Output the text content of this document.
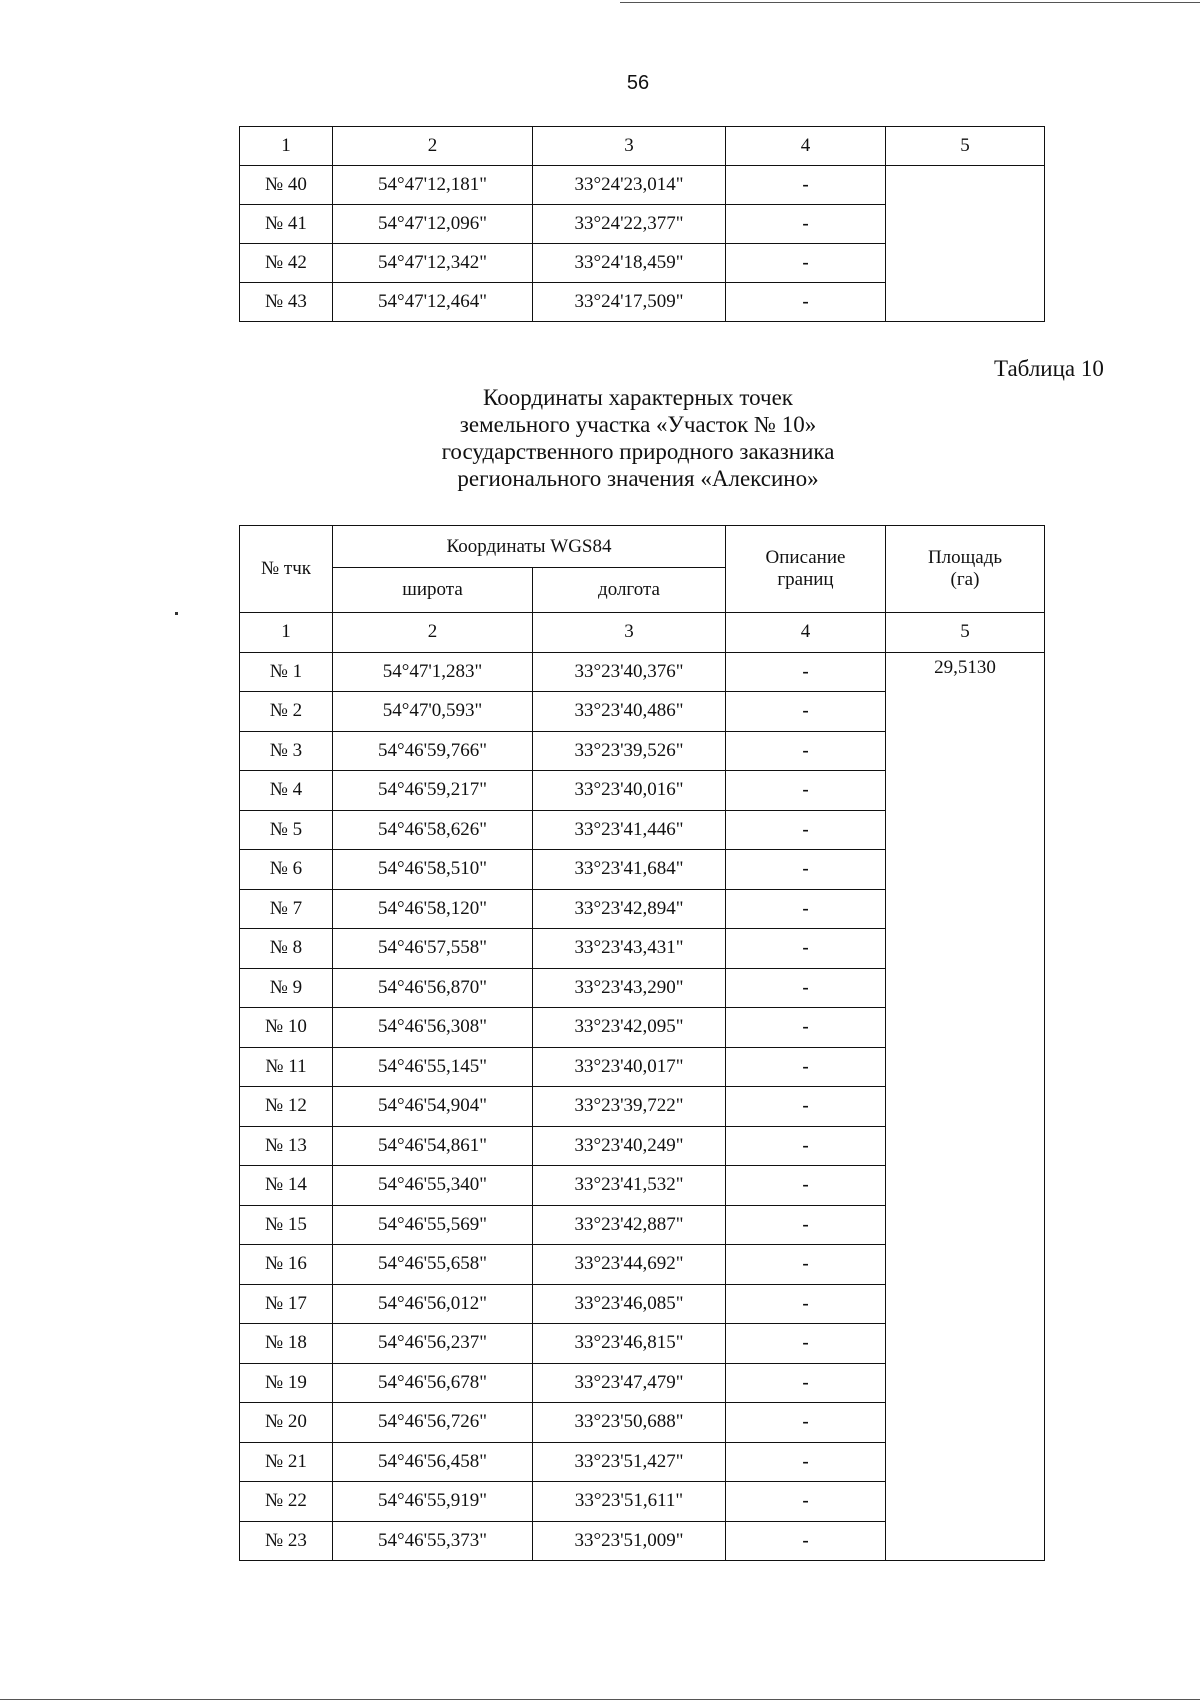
56
1	2	3	4	5
№ 40	54°47'12,181"	33°24'23,014"	-	
№ 41	54°47'12,096"	33°24'22,377"	-	
№ 42	54°47'12,342"	33°24'18,459"	-	
№ 43	54°47'12,464"	33°24'17,509"	-	
Таблица 10
Координаты характерных точек
земельного участка «Участок № 10»
государственного природного заказника
регионального значения «Алексино»
№ тчк	Координаты WGS84		Описание границ	Площадь (га)
	широта	долгота		
1	2	3	4	5
№ 1	54°47'1,283"	33°23'40,376"	-	29,5130
№ 2	54°47'0,593"	33°23'40,486"	-	
№ 3	54°46'59,766"	33°23'39,526"	-	
№ 4	54°46'59,217"	33°23'40,016"	-	
№ 5	54°46'58,626"	33°23'41,446"	-	
№ 6	54°46'58,510"	33°23'41,684"	-	
№ 7	54°46'58,120"	33°23'42,894"	-	
№ 8	54°46'57,558"	33°23'43,431"	-	
№ 9	54°46'56,870"	33°23'43,290"	-	
№ 10	54°46'56,308"	33°23'42,095"	-	
№ 11	54°46'55,145"	33°23'40,017"	-	
№ 12	54°46'54,904"	33°23'39,722"	-	
№ 13	54°46'54,861"	33°23'40,249"	-	
№ 14	54°46'55,340"	33°23'41,532"	-	
№ 15	54°46'55,569"	33°23'42,887"	-	
№ 16	54°46'55,658"	33°23'44,692"	-	
№ 17	54°46'56,012"	33°23'46,085"	-	
№ 18	54°46'56,237"	33°23'46,815"	-	
№ 19	54°46'56,678"	33°23'47,479"	-	
№ 20	54°46'56,726"	33°23'50,688"	-	
№ 21	54°46'56,458"	33°23'51,427"	-	
№ 22	54°46'55,919"	33°23'51,611"	-	
№ 23	54°46'55,373"	33°23'51,009"	-	
